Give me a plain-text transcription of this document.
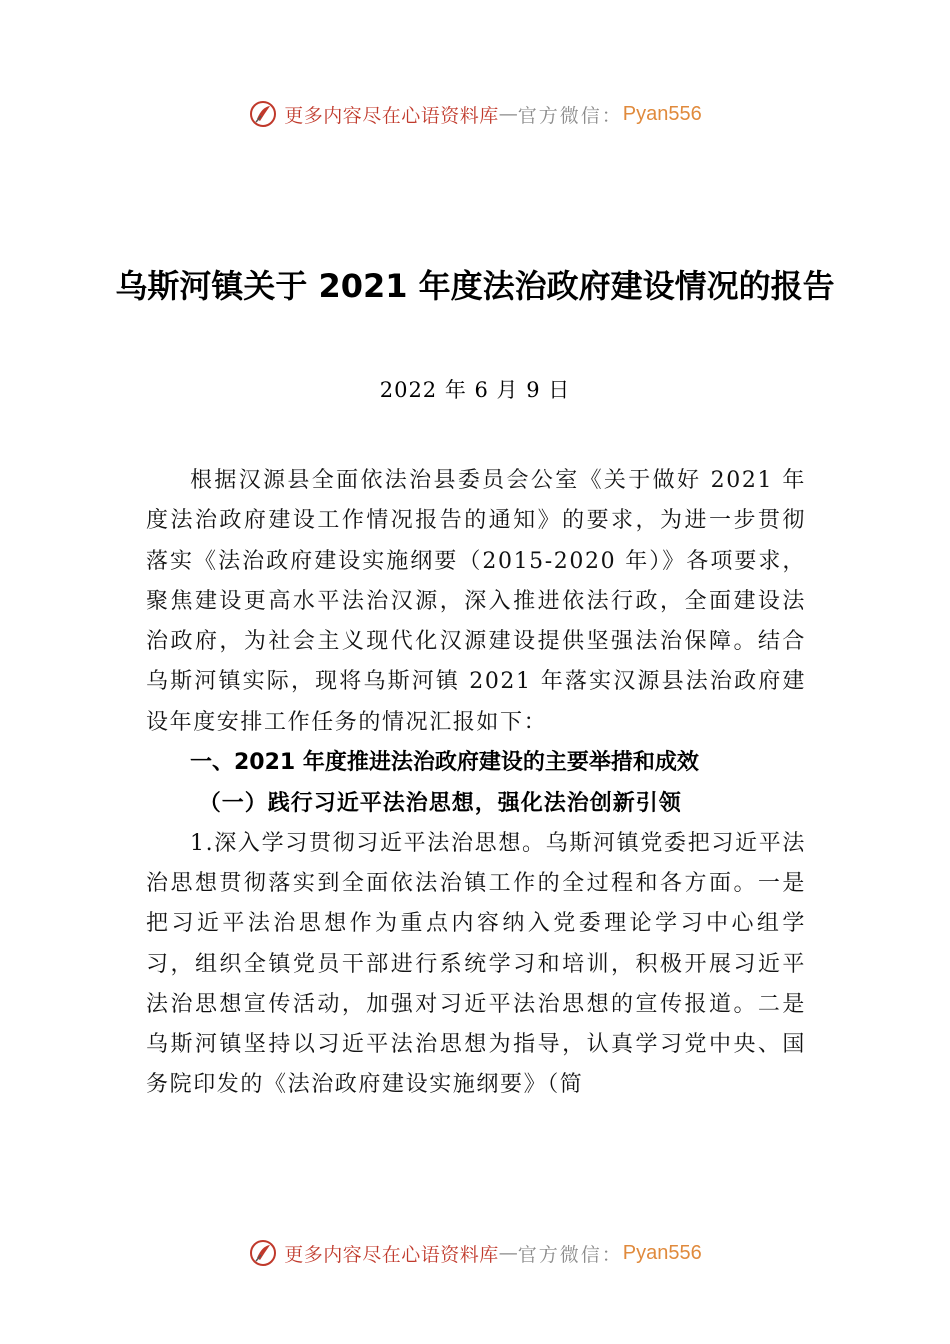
更多内容尽在心语资料库 — 官方微信： Pyan556
乌斯河镇关于 2021 年度法治政府建设情况的报告
2022 年 6 月 9 日

根据汉源县全面依法治县委员会公室《关于做好 2021 年度法治政府建设工作情况报告的通知》的要求，为进一步贯彻落实《法治政府建设实施纲要（2015-2020 年）》各项要求，聚焦建设更高水平法治汉源，深入推进依法行政，全面建设法治政府，为社会主义现代化汉源建设提供坚强法治保障。结合乌斯河镇实际，现将乌斯河镇 2021 年落实汉源县法治政府建设年度安排工作任务的情况汇报如下：

一、2021 年度推进法治政府建设的主要举措和成效

（一）践行习近平法治思想，强化法治创新引领

1.深入学习贯彻习近平法治思想。乌斯河镇党委把习近平法治思想贯彻落实到全面依法治镇工作的全过程和各方面。一是把习近平法治思想作为重点内容纳入党委理论学习中心组学习，组织全镇党员干部进行系统学习和培训，积极开展习近平法治思想宣传活动，加强对习近平法治思想的宣传报道。二是乌斯河镇坚持以习近平法治思想为指导，认真学习党中央、国务院印发的《法治政府建设实施纲要》（简

更多内容尽在心语资料库 — 官方微信： Pyan556
